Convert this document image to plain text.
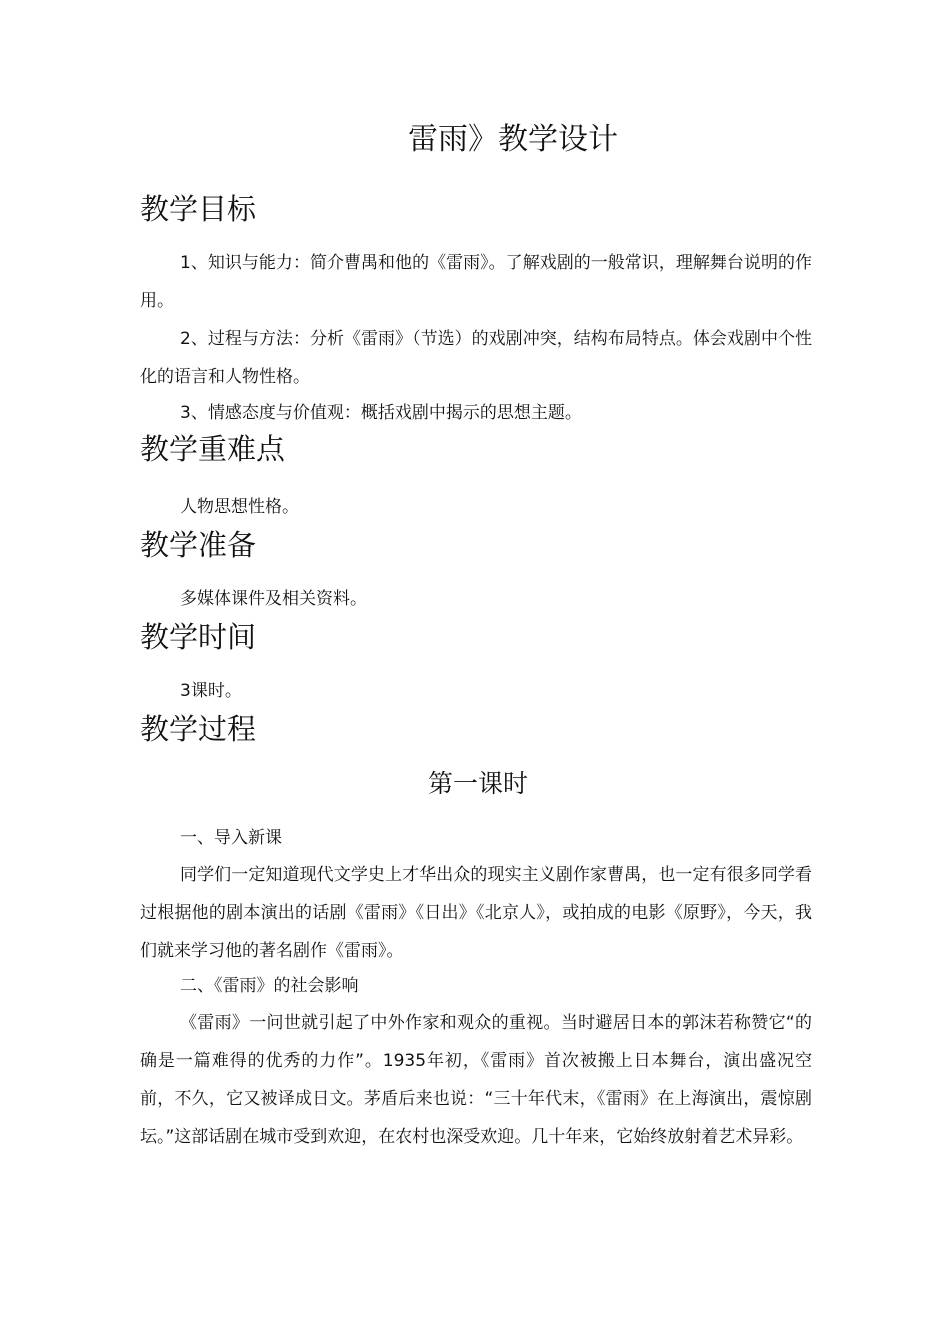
雷雨》教学设计
教学目标
1、知识与能力：简介曹禺和他的《雷雨》。了解戏剧的一般常识，理解舞台说明的作用。
2、过程与方法：分析《雷雨》（节选）的戏剧冲突，结构布局特点。体会戏剧中个性化的语言和人物性格。
3、情感态度与价值观：概括戏剧中揭示的思想主题。
教学重难点
人物思想性格。
教学准备
多媒体课件及相关资料。
教学时间
3课时。
教学过程
第一课时
一、导入新课
同学们一定知道现代文学史上才华出众的现实主义剧作家曹禺，也一定有很多同学看过根据他的剧本演出的话剧《雷雨》《日出》《北京人》，或拍成的电影《原野》，今天，我们就来学习他的著名剧作《雷雨》。
二、《雷雨》的社会影响
《雷雨》一问世就引起了中外作家和观众的重视。当时避居日本的郭沫若称赞它“的确是一篇难得的优秀的力作”。1935年初，《雷雨》首次被搬上日本舞台，演出盛况空前，不久，它又被译成日文。茅盾后来也说：“三十年代末，《雷雨》在上海演出，震惊剧坛。”这部话剧在城市受到欢迎，在农村也深受欢迎。几十年来，它始终放射着艺术异彩。
